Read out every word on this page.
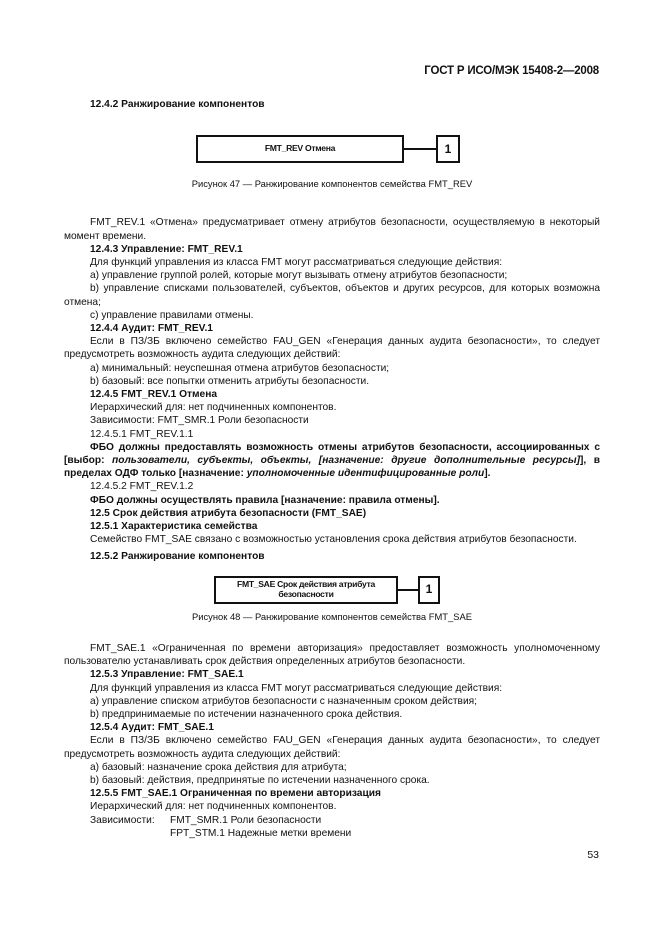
ГОСТ Р ИСО/МЭК 15408-2—2008

12.4.2 Ранжирование компонентов

FMT_REV Отмена	1

Рисунок 47 — Ранжирование компонентов семейства FMT_REV

FMT_REV.1 «Отмена» предусматривает отмену атрибутов безопасности, осуществляемую в некоторый момент времени.

12.4.3 Управление: FMT_REV.1

Для функций управления из класса FMT могут рассматриваться следующие действия:

a) управление группой ролей, которые могут вызывать отмену атрибутов безопасности;

b) управление списками пользователей, субъектов, объектов и других ресурсов, для которых возможна отмена;

c) управление правилами отмены.

12.4.4 Аудит: FMT_REV.1

Если в ПЗ/ЗБ включено семейство FAU_GEN «Генерация данных аудита безопасности», то следует предусмотреть возможность аудита следующих действий:

a) минимальный: неуспешная отмена атрибутов безопасности;

b) базовый: все попытки отменить атрибуты безопасности.

12.4.5 FMT_REV.1 Отмена

Иерархический для: нет подчиненных компонентов.

Зависимости: FMT_SMR.1 Роли безопасности

12.4.5.1 FMT_REV.1.1

ФБО должны предоставлять возможность отмены атрибутов безопасности, ассоциированных с [выбор: пользователи, субъекты, объекты, [назначение: другие дополнительные ресурсы]], в пределах ОДФ только [назначение: уполномоченные идентифицированные роли].

12.4.5.2 FMT_REV.1.2

ФБО должны осуществлять правила [назначение: правила отмены].

12.5 Срок действия атрибута безопасности (FMT_SAE)

12.5.1 Характеристика семейства

Семейство FMT_SAE связано с возможностью установления срока действия атрибутов безопасности.

12.5.2 Ранжирование компонентов

FMT_SAE Срок действия атрибута
безопасности	1

Рисунок 48 — Ранжирование компонентов семейства FMT_SAE

FMT_SAE.1 «Ограниченная по времени авторизация» предоставляет возможность уполномоченному пользователю устанавливать срок действия определенных атрибутов безопасности.

12.5.3 Управление: FMT_SAE.1

Для функций управления из класса FMT могут рассматриваться следующие действия:

a) управление списком атрибутов безопасности с назначенным сроком действия;

b) предпринимаемые по истечении назначенного срока действия.

12.5.4 Аудит: FMT_SAE.1

Если в ПЗ/ЗБ включено семейство FAU_GEN «Генерация данных аудита безопасности», то следует предусмотреть возможность аудита следующих действий:

a) базовый: назначение срока действия для атрибута;

b) базовый: действия, предпринятые по истечении назначенного срока.

12.5.5 FMT_SAE.1 Ограниченная по времени авторизация

Иерархический для: нет подчиненных компонентов.

Зависимости:	FMT_SMR.1 Роли безопасности
FPT_STM.1 Надежные метки времени
53
